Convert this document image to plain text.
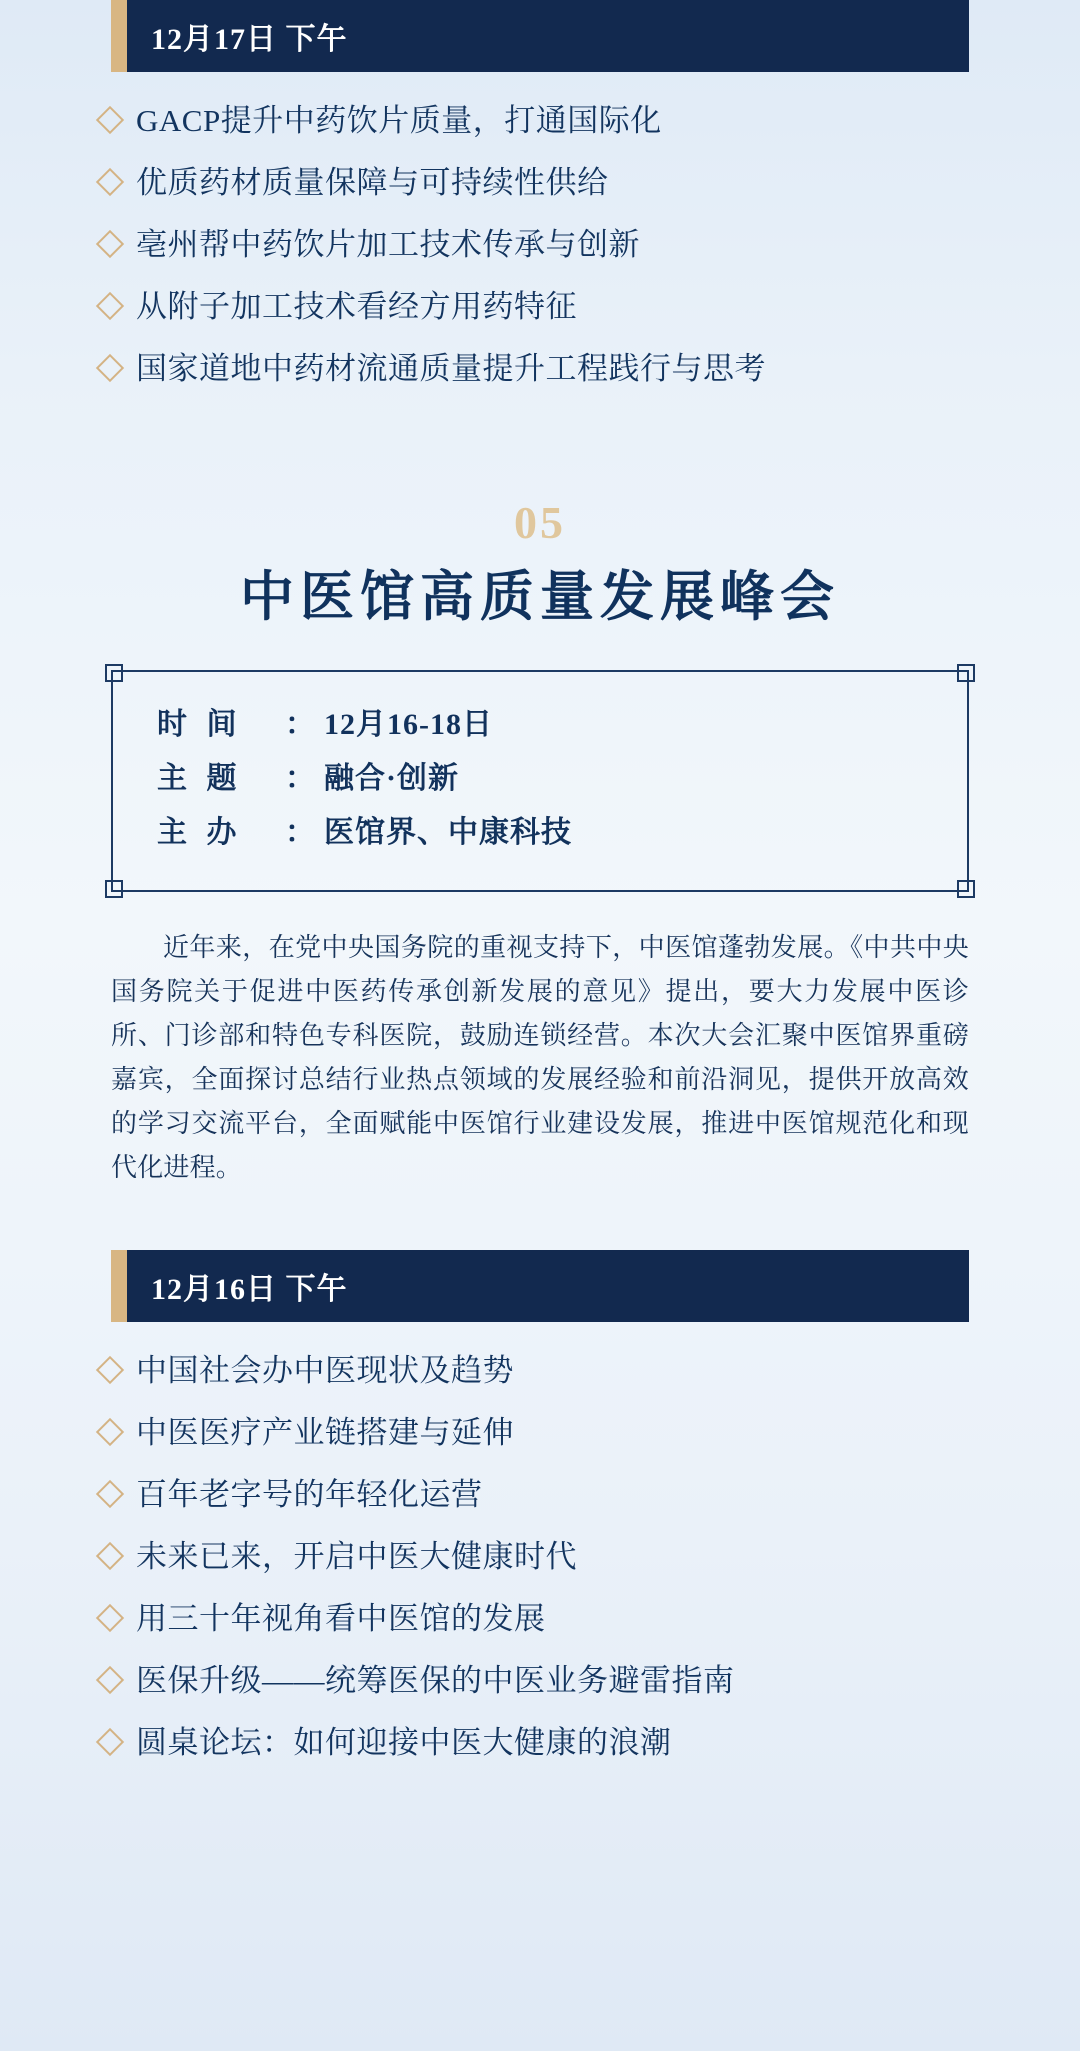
12月17日 下午
GACP提升中药饮片质量，打通国际化
优质药材质量保障与可持续性供给
亳州帮中药饮片加工技术传承与创新
从附子加工技术看经方用药特征
国家道地中药材流通质量提升工程践行与思考
05
中医馆高质量发展峰会
时 间	： 12月16-18日
主 题	： 融合·创新
主 办	： 医馆界、中康科技

近年来，在党中央国务院的重视支持下，中医馆蓬勃发展。《中共中央国务院关于促进中医药传承创新发展的意见》提出，要大力发展中医诊所、门诊部和特色专科医院，鼓励连锁经营。本次大会汇聚中医馆界重磅嘉宾，全面探讨总结行业热点领域的发展经验和前沿洞见，提供开放高效的学习交流平台，全面赋能中医馆行业建设发展，推进中医馆规范化和现代化进程。

12月16日 下午
中国社会办中医现状及趋势
中医医疗产业链搭建与延伸
百年老字号的年轻化运营
未来已来，开启中医大健康时代
用三十年视角看中医馆的发展
医保升级——统筹医保的中医业务避雷指南
圆桌论坛：如何迎接中医大健康的浪潮
